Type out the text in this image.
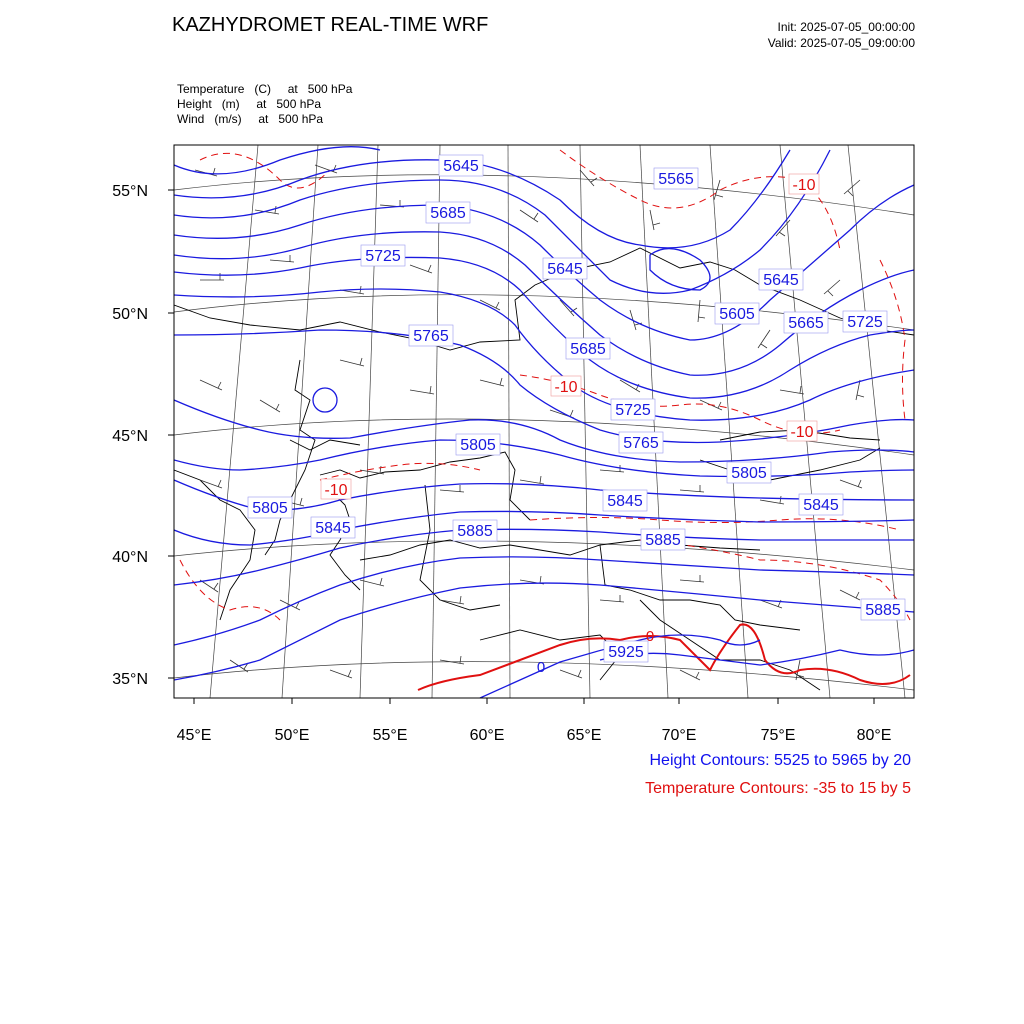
KAZHYDROMET REAL-TIME WRF	Init: 2025-07-05_00:00:00
Valid: 2025-07-05_09:00:00
Temperature   (C)     at   500 hPa
Height   (m)     at   500 hPa
Wind   (m/s)     at   500 hPa
45°E	50°E	55°E	60°E	65°E	70°E	75°E	80°E
55°N
50°N
45°N
40°N
35°N
5645
5565
5685
5725
5645
5645
5605
5665 5725
5765
5685
5725
5765
5805
5805
5845
5805	5845
5885
5845
5885
5885
5925
-10
-10
-10
-10
0
0
Height Contours: 5525 to 5965 by 20
Temperature Contours: -35 to 15 by 5
